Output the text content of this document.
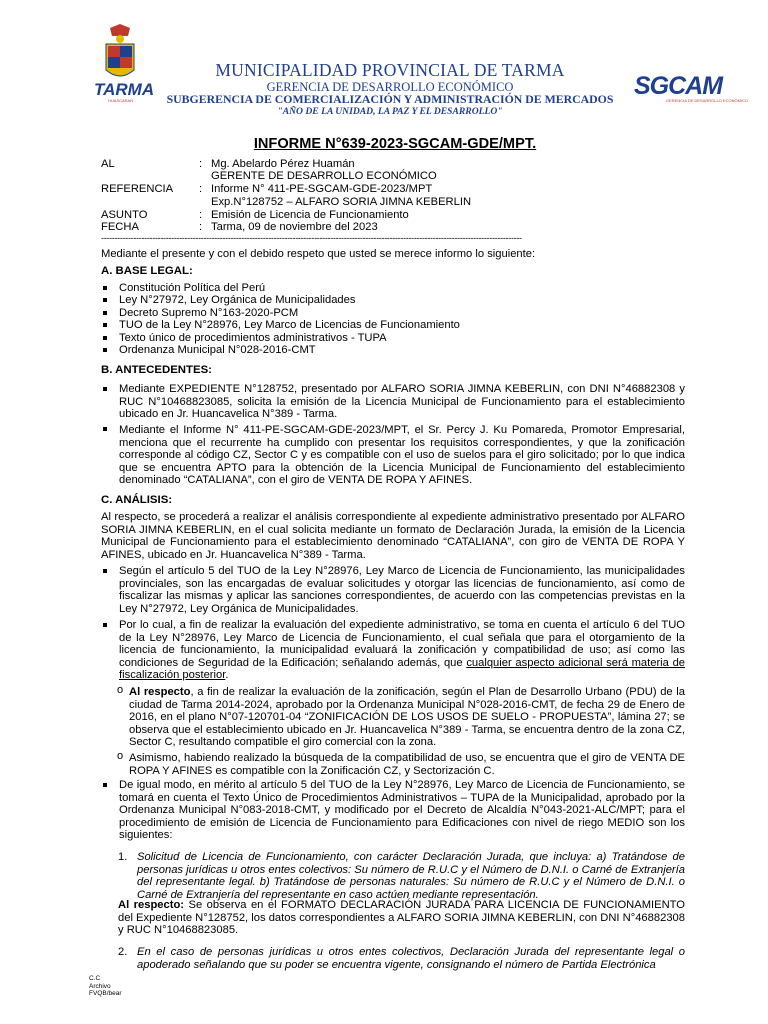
TARMA
HUASCARAN
MUNICIPALIDAD PROVINCIAL DE TARMA
GERENCIA DE DESARROLLO ECONÓMICO
SUBGERENCIA DE COMERCIALIZACIÓN Y ADMINISTRACIÓN DE MERCADOS
"AÑO DE LA UNIDAD, LA PAZ Y EL DESARROLLO"
SGCAM
GERENCIA DE DESARROLLO ECONÓMICO
INFORME N°639-2023-SGCAM-GDE/MPT.
AL	: Mg. Abelardo Pérez Huamán
GERENTE DE DESARROLLO ECONÓMICO
REFERENCIA : Informe N° 411-PE-SGCAM-GDE-2023/MPT
Exp.N°128752 – ALFARO SORIA JIMNA KEBERLIN
ASUNTO	: Emisión de Licencia de Funcionamiento
FECHA	: Tarma, 09 de noviembre del 2023
------------------------------------------------------------------------------------------------------------------------------------------------------------
Mediante el presente y con el debido respeto que usted se merece informo lo siguiente:
A. BASE LEGAL:
Constitución Política del Perú
Ley N°27972, Ley Orgánica de Municipalidades
Decreto Supremo N°163-2020-PCM
TUO de la Ley N°28976, Ley Marco de Licencias de Funcionamiento
Texto único de procedimientos administrativos - TUPA
Ordenanza Municipal N°028-2016-CMT
B. ANTECEDENTES:
Mediante EXPEDIENTE N°128752, presentado por ALFARO SORIA JIMNA KEBERLIN, con DNI N°46882308 y RUC N°10468823085, solicita la emisión de la Licencia Municipal de Funcionamiento para el establecimiento ubicado en Jr. Huancavelica N°389 - Tarma.
Mediante el Informe N° 411-PE-SGCAM-GDE-2023/MPT, el Sr. Percy J. Ku Pomareda, Promotor Empresarial, menciona que el recurrente ha cumplido con presentar los requisitos correspondientes, y que la zonificación corresponde al código CZ, Sector C y es compatible con el uso de suelos para el giro solicitado; por lo que indica que se encuentra APTO para la obtención de la Licencia Municipal de Funcionamiento del establecimiento denominado “CATALIANA”, con el giro de VENTA DE ROPA Y AFINES.
C. ANÁLISIS:
Al respecto, se procederá a realizar el análisis correspondiente al expediente administrativo presentado por ALFARO SORIA JIMNA KEBERLIN, en el cual solicita mediante un formato de Declaración Jurada, la emisión de la Licencia Municipal de Funcionamiento para el establecimiento denominado “CATALIANA”, con giro de VENTA DE ROPA Y AFINES, ubicado en Jr. Huancavelica N°389 - Tarma.
Según el artículo 5 del TUO de la Ley N°28976, Ley Marco de Licencia de Funcionamiento, las municipalidades provinciales, son las encargadas de evaluar solicitudes y otorgar las licencias de funcionamiento, así como de fiscalizar las mismas y aplicar las sanciones correspondientes, de acuerdo con las competencias previstas en la Ley N°27972, Ley Orgánica de Municipalidades.
Por lo cual, a fin de realizar la evaluación del expediente administrativo, se toma en cuenta el artículo 6 del TUO de la Ley N°28976, Ley Marco de Licencia de Funcionamiento, el cual señala que para el otorgamiento de la licencia de funcionamiento, la municipalidad evaluará la zonificación y compatibilidad de uso; así como las condiciones de Seguridad de la Edificación; señalando además, que cualquier aspecto adicional será materia de fiscalización posterior.
o Al respecto, a fin de realizar la evaluación de la zonificación, según el Plan de Desarrollo Urbano (PDU) de la ciudad de Tarma 2014-2024, aprobado por la Ordenanza Municipal N°028-2016-CMT, de fecha 29 de Enero de 2016, en el plano N°07-120701-04 “ZONIFICACIÓN DE LOS USOS DE SUELO - PROPUESTA”, lámina 27; se observa que el establecimiento ubicado en Jr. Huancavelica N°389 - Tarma, se encuentra dentro de la zona CZ, Sector C, resultando compatible el giro comercial con la zona.
o Asimismo, habiendo realizado la búsqueda de la compatibilidad de uso, se encuentra que el giro de VENTA DE ROPA Y AFINES es compatible con la Zonificación CZ, y Sectorización C.
De igual modo, en mérito al artículo 5 del TUO de la Ley N°28976, Ley Marco de Licencia de Funcionamiento, se tomará en cuenta el Texto Único de Procedimientos Administrativos – TUPA de la Municipalidad, aprobado por la Ordenanza Municipal N°083-2018-CMT, y modificado por el Decreto de Alcaldía N°043-2021-ALC/MPT; para el procedimiento de emisión de Licencia de Funcionamiento para Edificaciones con nivel de riego MEDIO son los siguientes:
1. Solicitud de Licencia de Funcionamiento, con carácter Declaración Jurada, que incluya: a) Tratándose de personas jurídicas u otros entes colectivos: Su número de R.U.C y el Número de D.N.I. o Carné de Extranjería del representante legal. b) Tratándose de personas naturales: Su número de R.U.C y el Número de D.N.I. o Carné de Extranjería del representante en caso actúen mediante representación.
Al respecto: Se observa en el FORMATO DECLARACIÓN JURADA PARA LICENCIA DE FUNCIONAMIENTO del Expediente N°128752, los datos correspondientes a ALFARO SORIA JIMNA KEBERLIN, con DNI N°46882308 y RUC N°10468823085.
2. En el caso de personas jurídicas u otros entes colectivos, Declaración Jurada del representante legal o apoderado señalando que su poder se encuentra vigente, consignando el número de Partida Electrónica
C.C
Archivo
FVQB/bear
